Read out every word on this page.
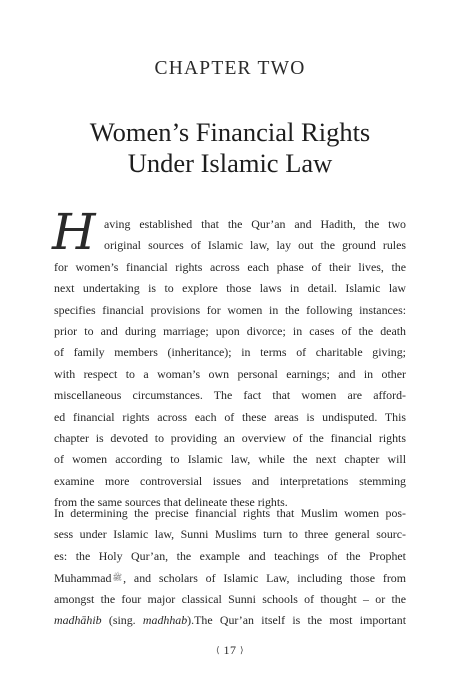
CHAPTER TWO
Women’s Financial Rights
Under Islamic Law
H aving established that the Qur’an and Hadith, the two
original sources of Islamic law, lay out the ground rules
for women’s financial rights across each phase of their lives, the
next undertaking is to explore those laws in detail. Islamic law
specifies financial provisions for women in the following instances:
prior to and during marriage; upon divorce; in cases of the death
of family members (inheritance); in terms of charitable giving;
with respect to a woman’s own personal earnings; and in other
miscellaneous circumstances. The fact that women are afford-
ed financial rights across each of these areas is undisputed. This
chapter is devoted to providing an overview of the financial rights
of women according to Islamic law, while the next chapter will
examine more controversial issues and interpretations stemming
from the same sources that delineate these rights.
In determining the precise financial rights that Muslim women pos-
sess under Islamic law, Sunni Muslims turn to three general sourc-
es: the Holy Qur’an, the example and teachings of the Prophet
Muhammadﷺ, and scholars of Islamic Law, including those from
amongst the four major classical Sunni schools of thought – or the
madhāhib (sing. madhhab).The Qur’an itself is the most important
⟨ 17 ⟩
